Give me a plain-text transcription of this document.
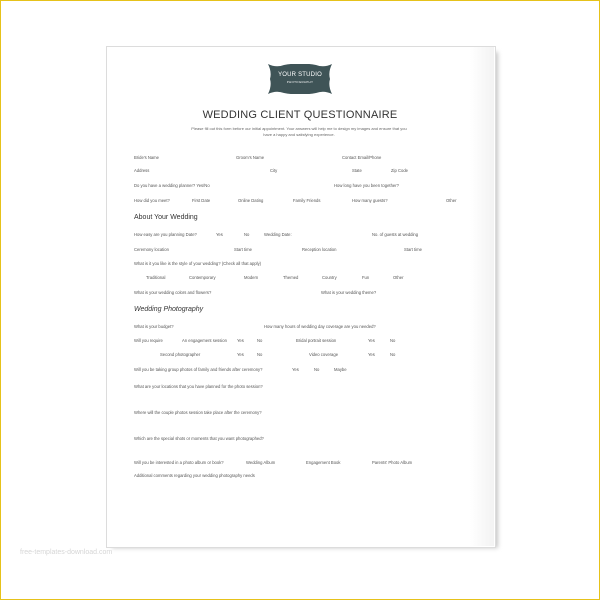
YOUR STUDIO
PHOTOGRAPHY
WEDDING CLIENT QUESTIONNAIRE
Please fill out this form before our initial appointment. Your answers will help me to design my images and ensure that you
have a happy and satisfying experience.
Bride's Name	Groom's Name	Contact Email/Phone
Address	City	State	Zip Code
Do you have a wedding planner? Yes/No	How long have you been together?
How did you meet?	First Date	Online Dating	Family Friends	How many guests?	Other
About Your Wedding
How easy are you planning Date?	Yes	No	Wedding Date:	No. of guests at wedding
Ceremony location	Start time	Reception location	Start time
What is it you like is the style of your wedding? (Check all that apply)
Traditional	Contemporary	Modern	Themed	Country	Fun	Other
What is your wedding colors and flowers?	What is your wedding theme?
Wedding Photography
What is your budget?	How many hours of wedding day coverage are you needed?
Will you require	An engagement session Yes	No	Bridal portrait session	Yes	No
Second photographer	Yes	No	Video coverage	Yes	No
Will you be taking group photos of family and friends after ceremony?	Yes	No	Maybe
What are your locations that you have planned for the photo session?
Where will the couple photos session take place after the ceremony?
Which are the special shots or moments that you want photographed?
Will you be interested in a photo album or book?	Wedding Album	Engagement Book	Parents' Photo Album
Additional comments regarding your wedding photography needs
free-templates-download.com
